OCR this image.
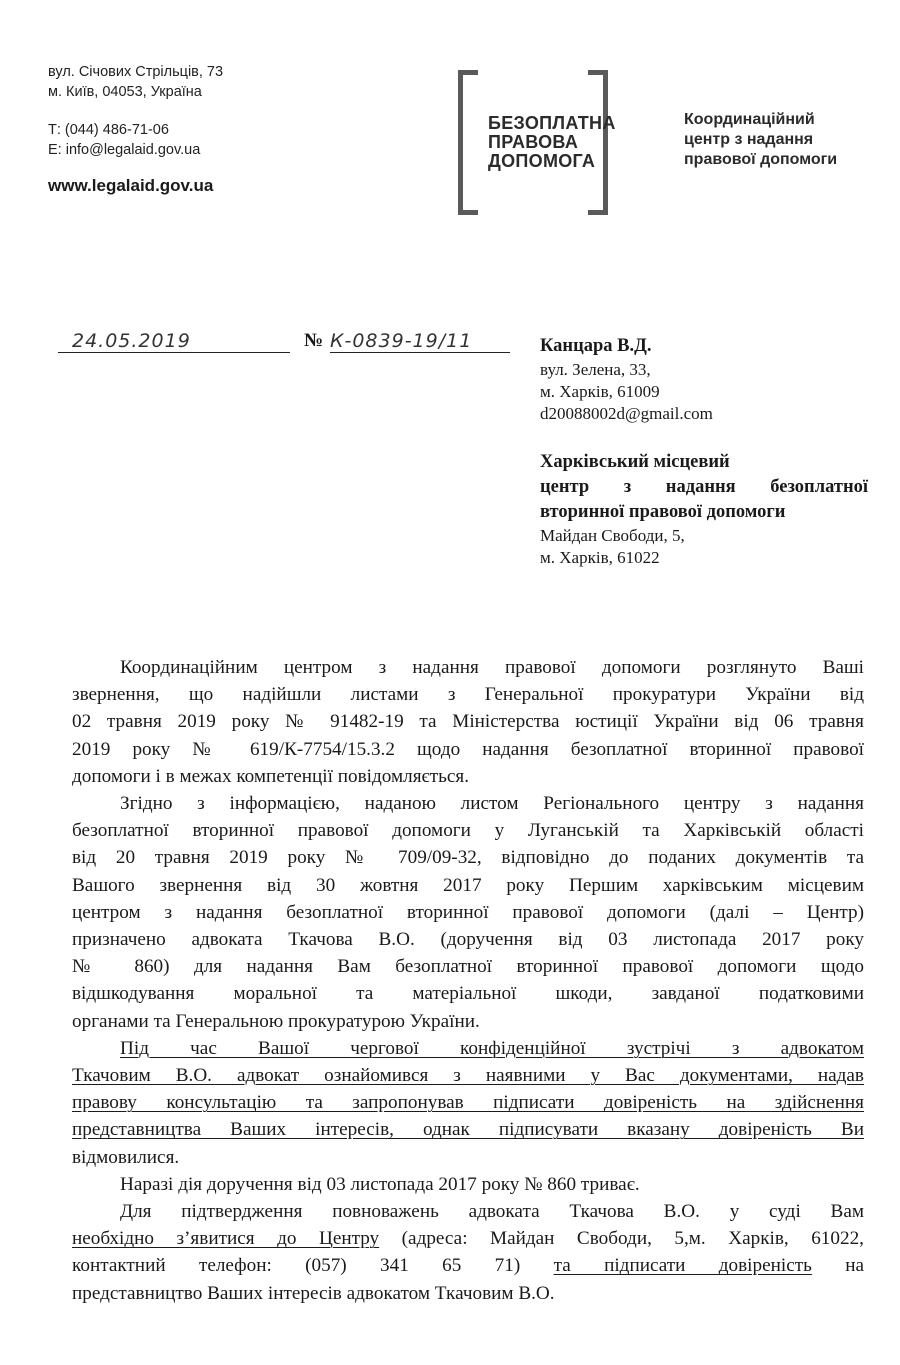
вул. Січових Стрільців, 73
м. Київ, 04053, Україна
Т: (044) 486-71-06
E: info@legalaid.gov.ua
www.legalaid.gov.ua
БЕЗОПЛАТНА
ПРАВОВА
ДОПОМОГА
Координаційний
центр з надання
правової допомоги
24.05.2019	№ К-0839-19/11	Канцара В.Д.
вул. Зелена, 33,
м. Харків, 61009
d20088002d@gmail.com
Харківський місцевий
центр з надання безоплатної
вторинної правової допомоги
Майдан Свободи, 5,
м. Харків, 61022
Координаційним центром з надання правової допомоги розглянуто Ваші
звернення, що надійшли листами з Генеральної прокуратури України від
02 травня 2019 року № 91482-19 та Міністерства юстиції України від 06 травня
2019 року № 619/К-7754/15.3.2 щодо надання безоплатної вторинної правової
допомоги і в межах компетенції повідомляється.
Згідно з інформацією, наданою листом Регіонального центру з надання
безоплатної вторинної правової допомоги у Луганській та Харківській області
від 20 травня 2019 року № 709/09-32, відповідно до поданих документів та
Вашого звернення від 30 жовтня 2017 року Першим харківським місцевим
центром з надання безоплатної вторинної правової допомоги (далі – Центр)
призначено адвоката Ткачова В.О. (доручення від 03 листопада 2017 року
№ 860) для надання Вам безоплатної вторинної правової допомоги щодо
відшкодування моральної та матеріальної шкоди, завданої податковими
органами та Генеральною прокуратурою України.
Під час Вашої чергової конфіденційної зустрічі з адвокатом
Ткачовим В.О. адвокат ознайомився з наявними у Вас документами, надав
правову консультацію та запропонував підписати довіреність на здійснення
представництва Ваших інтересів, однак підписувати вказану довіреність Ви
відмовилися.
Наразі дія доручення від 03 листопада 2017 року № 860 триває.
Для підтвердження повноважень адвоката Ткачова В.О. у суді Вам
необхідно з’явитися до Центру (адреса: Майдан Свободи, 5,м. Харків, 61022,
контактний телефон: (057) 341 65 71) та підписати довіреність на
представництво Ваших інтересів адвокатом Ткачовим В.О.
